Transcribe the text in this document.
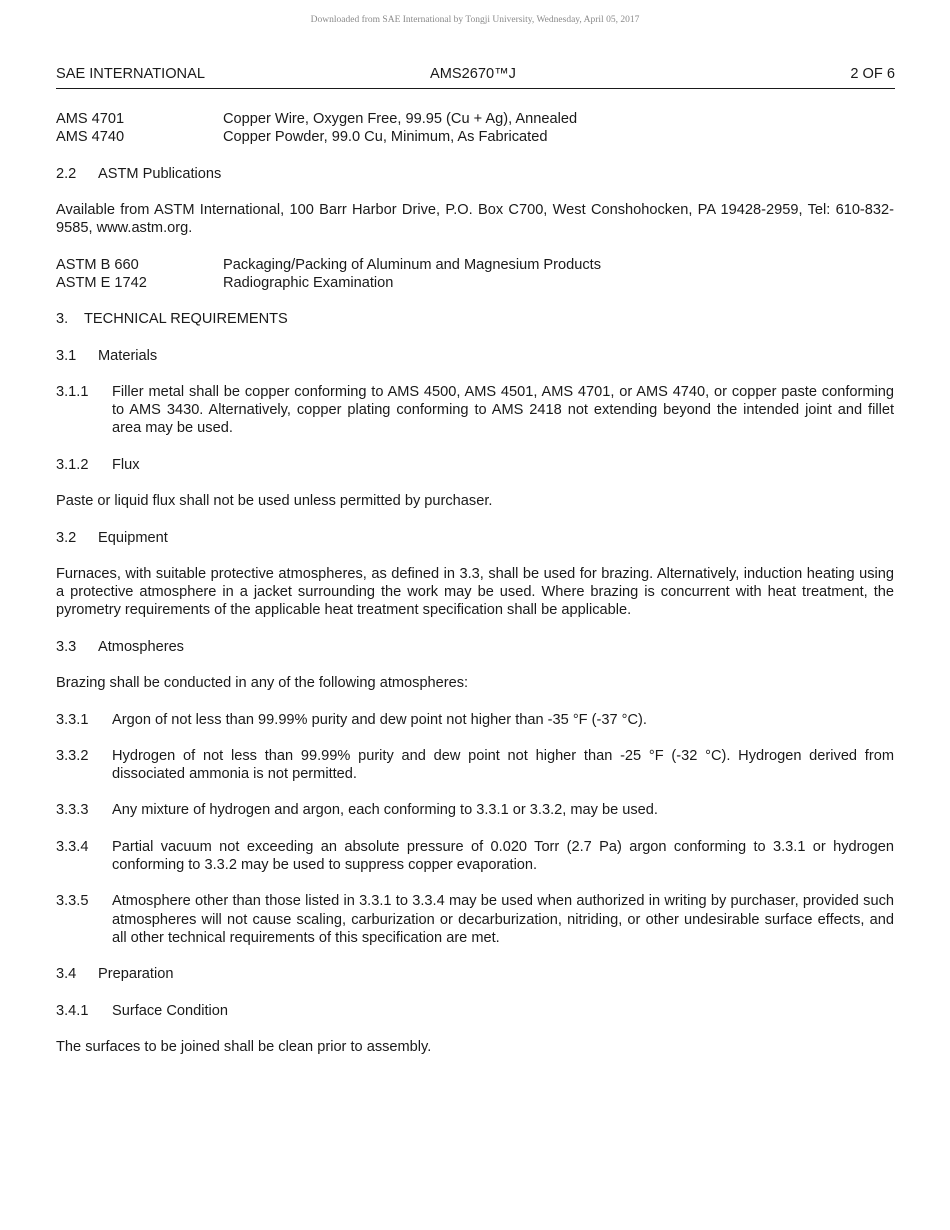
Downloaded from SAE International by Tongji University, Wednesday, April 05, 2017
SAE INTERNATIONAL	AMS2670™J	2 OF 6
AMS 4701	Copper Wire, Oxygen Free, 99.95 (Cu + Ag), Annealed
AMS 4740	Copper Powder, 99.0 Cu, Minimum, As Fabricated
2.2 ASTM Publications
Available from ASTM International, 100 Barr Harbor Drive, P.O. Box C700, West Conshohocken, PA 19428-2959, Tel: 610-832-9585, www.astm.org.
ASTM B 660	Packaging/Packing of Aluminum and Magnesium Products
ASTM E 1742	Radiographic Examination
3. TECHNICAL REQUIREMENTS
3.1 Materials
3.1.1	Filler metal shall be copper conforming to AMS 4500, AMS 4501, AMS 4701, or AMS 4740, or copper paste conforming to AMS 3430. Alternatively, copper plating conforming to AMS 2418 not extending beyond the intended joint and fillet area may be used.
3.1.2 Flux
Paste or liquid flux shall not be used unless permitted by purchaser.
3.2 Equipment
Furnaces, with suitable protective atmospheres, as defined in 3.3, shall be used for brazing. Alternatively, induction heating using a protective atmosphere in a jacket surrounding the work may be used. Where brazing is concurrent with heat treatment, the pyrometry requirements of the applicable heat treatment specification shall be applicable.
3.3 Atmospheres
Brazing shall be conducted in any of the following atmospheres:
3.3.1	Argon of not less than 99.99% purity and dew point not higher than -35 °F (-37 °C).
3.3.2	Hydrogen of not less than 99.99% purity and dew point not higher than -25 °F (-32 °C). Hydrogen derived from dissociated ammonia is not permitted.
3.3.3	Any mixture of hydrogen and argon, each conforming to 3.3.1 or 3.3.2, may be used.
3.3.4	Partial vacuum not exceeding an absolute pressure of 0.020 Torr (2.7 Pa) argon conforming to 3.3.1 or hydrogen conforming to 3.3.2 may be used to suppress copper evaporation.
3.3.5	Atmosphere other than those listed in 3.3.1 to 3.3.4 may be used when authorized in writing by purchaser, provided such atmospheres will not cause scaling, carburization or decarburization, nitriding, or other undesirable surface effects, and all other technical requirements of this specification are met.
3.4 Preparation
3.4.1 Surface Condition
The surfaces to be joined shall be clean prior to assembly.
